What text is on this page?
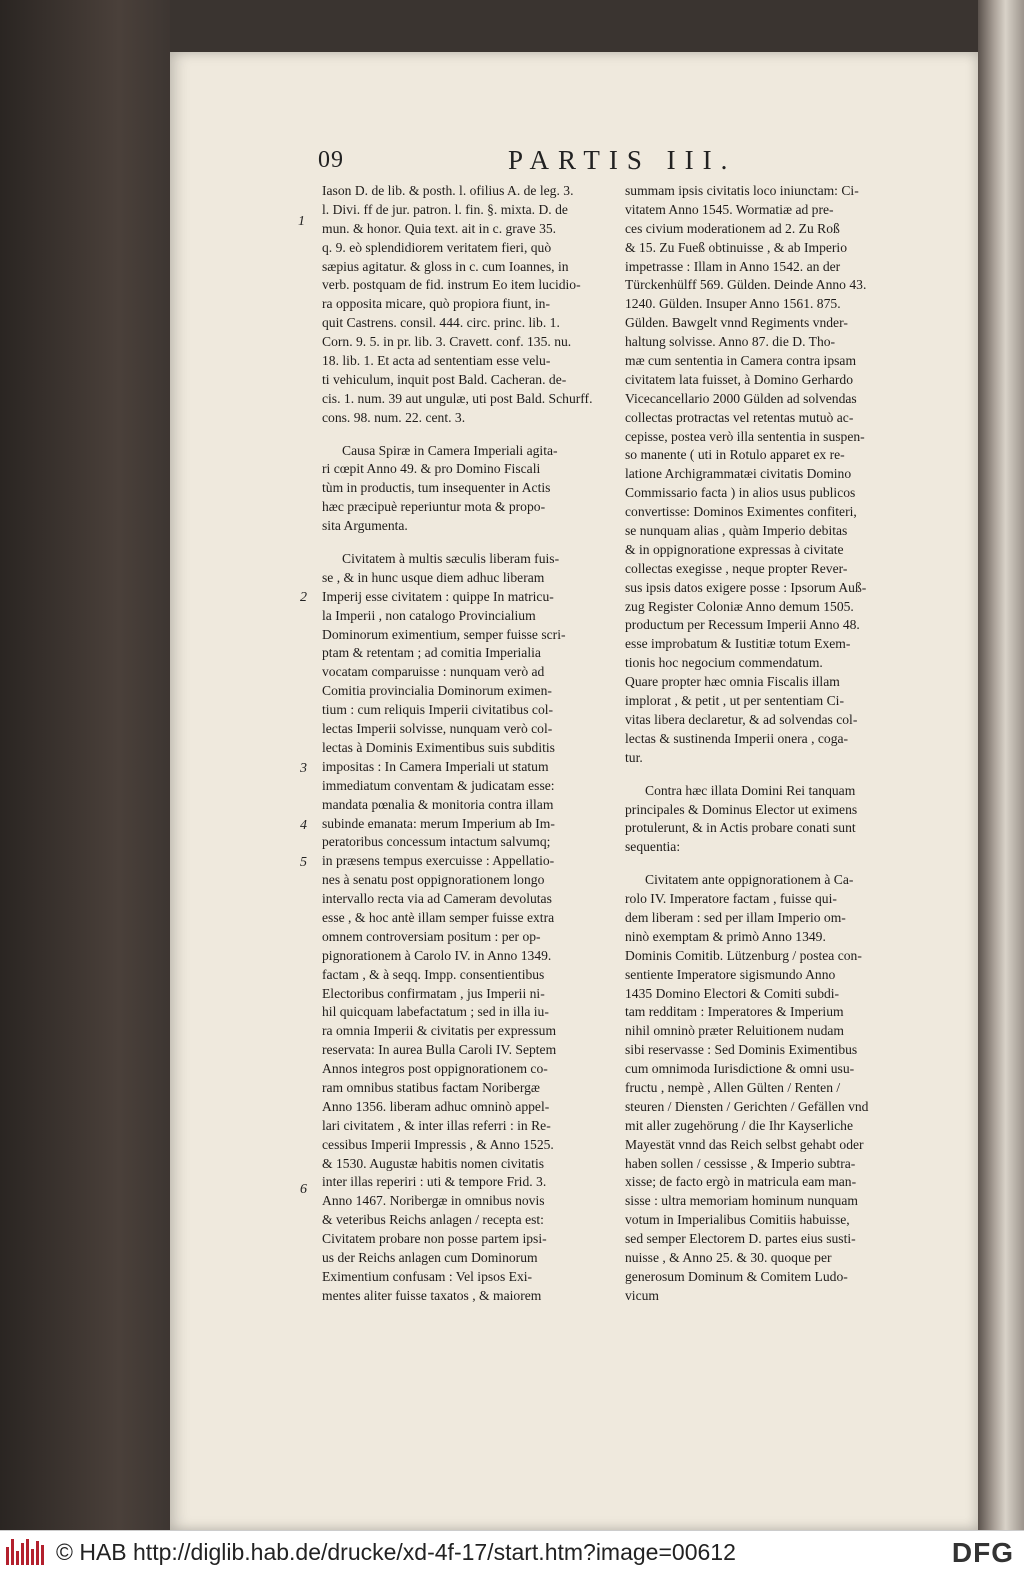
09	PARTIS III.
1
2
3
4
5
6
Iason D. de lib. & posth. l. ofilius A. de leg. 3.
l. Divi. ff de jur. patron. l. fin. §. mixta. D. de
mun. & honor. Quia text. ait in c. grave 35.
q. 9. eò splendidiorem veritatem fieri, quò
sæpius agitatur. & gloss in c. cum Ioannes, in
verb. postquam de fid. instrum Eo item lucidio-
ra opposita micare, quò propiora fiunt, in-
quit Castrens. consil. 444. circ. princ. lib. 1.
Corn. 9. 5. in pr. lib. 3. Cravett. conf. 135. nu.
18. lib. 1. Et acta ad sententiam esse velu-
ti vehiculum, inquit post Bald. Cacheran. de-
cis. 1. num. 39 aut ungulæ, uti post Bald. Schurff.
cons. 98. num. 22. cent. 3.
Causa Spiræ in Camera Imperiali agita-
ri cœpit Anno 49. & pro Domino Fiscali
tùm in productis, tum insequenter in Actis
hæc præcipuè reperiuntur mota & propo-
sita Argumenta.
Civitatem à multis sæculis liberam fuis-
se , & in hunc usque diem adhuc liberam
Imperij esse civitatem : quippe In matricu-
la Imperii , non catalogo Provincialium
Dominorum eximentium, semper fuisse scri-
ptam & retentam ; ad comitia Imperialia
vocatam comparuisse : nunquam verò ad
Comitia provincialia Dominorum eximen-
tium : cum reliquis Imperii civitatibus col-
lectas Imperii solvisse, nunquam verò col-
lectas à Dominis Eximentibus suis subditis
impositas : In Camera Imperiali ut statum
immediatum conventam & judicatam esse:
mandata pœnalia & monitoria contra illam
subinde emanata: merum Imperium ab Im-
peratoribus concessum intactum salvumq;
in præsens tempus exercuisse : Appellatio-
nes à senatu post oppignorationem longo
intervallo recta via ad Cameram devolutas
esse , & hoc antè illam semper fuisse extra
omnem controversiam positum : per op-
pignorationem à Carolo IV. in Anno 1349.
factam , & à seqq. Impp. consentientibus
Electoribus confirmatam , jus Imperii ni-
hil quicquam labefactatum ; sed in illa iu-
ra omnia Imperii & civitatis per expressum
reservata: In aurea Bulla Caroli IV. Septem
Annos integros post oppignorationem co-
ram omnibus statibus factam Noribergæ
Anno 1356. liberam adhuc omninò appel-
lari civitatem , & inter illas referri : in Re-
cessibus Imperii Impressis , & Anno 1525.
& 1530. Augustæ habitis nomen civitatis
inter illas reperiri : uti & tempore Frid. 3.
Anno 1467. Noribergæ in omnibus novis
& veteribus Reichs anlagen / recepta est:
Civitatem probare non posse partem ipsi-
us der Reichs anlagen cum Dominorum
Eximentium confusam : Vel ipsos Exi-
mentes aliter fuisse taxatos , & maiorem
summam ipsis civitatis loco iniunctam: Ci-
vitatem Anno 1545. Wormatiæ ad pre-
ces civium moderationem ad 2. Zu Roß
& 15. Zu Fueß obtinuisse , & ab Imperio
impetrasse : Illam in Anno 1542. an der
Türckenhülff 569. Gülden. Deinde Anno 43.
1240. Gülden. Insuper Anno 1561. 875.
Gülden. Bawgelt vnnd Regiments vnder-
haltung solvisse. Anno 87. die D. Tho-
mæ cum sententia in Camera contra ipsam
civitatem lata fuisset, à Domino Gerhardo
Vicecancellario 2000 Gülden ad solvendas
collectas protractas vel retentas mutuò ac-
cepisse, postea verò illa sententia in suspen-
so manente ( uti in Rotulo apparet ex re-
latione Archigrammatæi civitatis Domino
Commissario facta ) in alios usus publicos
convertisse: Dominos Eximentes confiteri,
se nunquam alias , quàm Imperio debitas
& in oppignoratione expressas à civitate
collectas exegisse , neque propter Rever-
sus ipsis datos exigere posse : Ipsorum Auß-
zug Register Coloniæ Anno demum 1505.
productum per Recessum Imperii Anno 48.
esse improbatum & Iustitiæ totum Exem-
tionis hoc negocium commendatum.
Quare propter hæc omnia Fiscalis illam
implorat , & petit , ut per sententiam Ci-
vitas libera declaretur, & ad solvendas col-
lectas & sustinenda Imperii onera , coga-
tur.
Contra hæc illata Domini Rei tanquam
principales & Dominus Elector ut eximens
protulerunt, & in Actis probare conati sunt
sequentia:
Civitatem ante oppignorationem à Ca-
rolo IV. Imperatore factam , fuisse qui-
dem liberam : sed per illam Imperio om-
ninò exemptam & primò Anno 1349.
Dominis Comitib. Lützenburg / postea con-
sentiente Imperatore sigismundo Anno
1435 Domino Electori & Comiti subdi-
tam redditam : Imperatores & Imperium
nihil omninò præter Reluitionem nudam
sibi reservasse : Sed Dominis Eximentibus
cum omnimoda Iurisdictione & omni usu-
fructu , nempè , Allen Gülten / Renten /
steuren / Diensten / Gerichten / Gefällen vnd
mit aller zugehörung / die Ihr Kayserliche
Mayestät vnnd das Reich selbst gehabt oder
haben sollen / cessisse , & Imperio subtra-
xisse; de facto ergò in matricula eam man-
sisse : ultra memoriam hominum nunquam
votum in Imperialibus Comitiis habuisse,
sed semper Electorem D. partes eius susti-
nuisse , & Anno 25. & 30. quoque per
generosum Dominum & Comitem Ludo-
vicum
© HAB http://diglib.hab.de/drucke/xd-4f-17/start.htm?image=00612	DFG
